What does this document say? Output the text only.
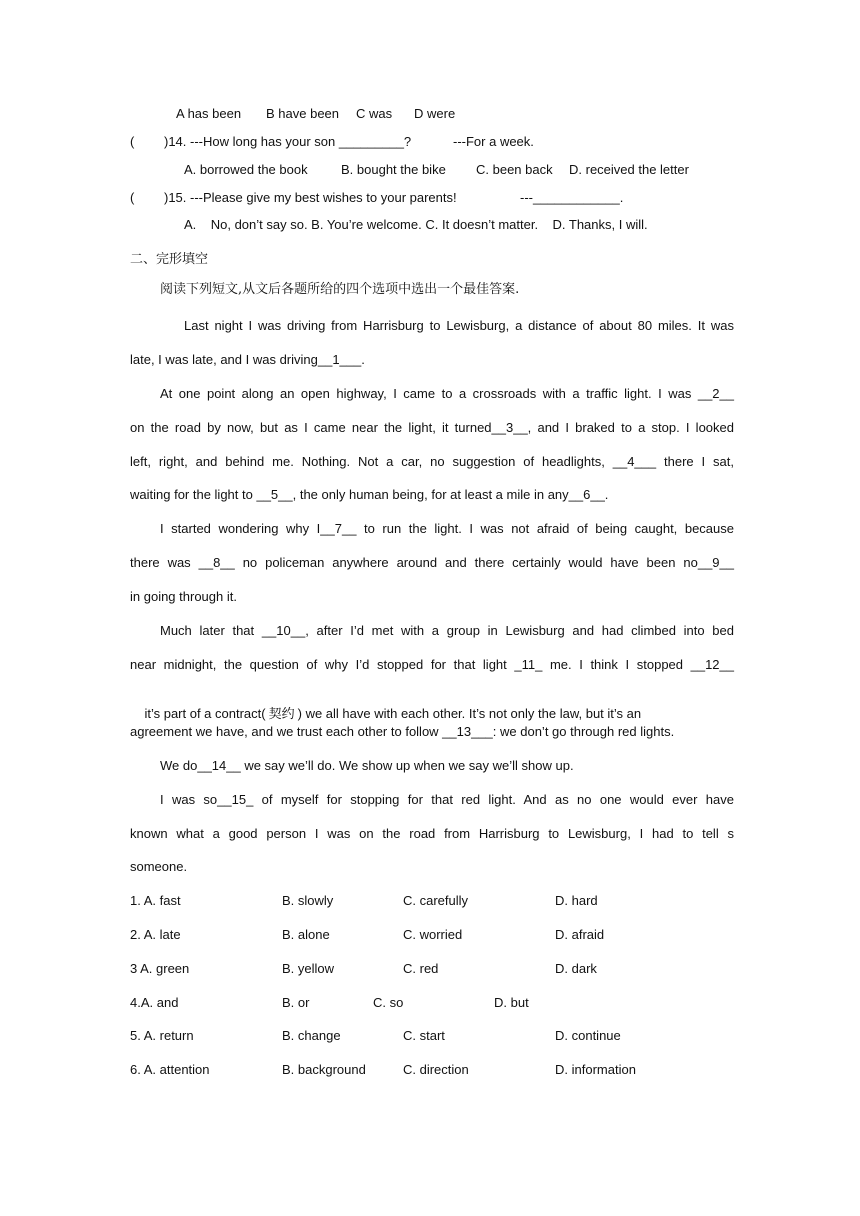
A has been B have been C was D were
( )14. ---How long has your son _________?	---For a week.
A. borrowed the book	B. bought the bike C. been back D. received the letter
( )15. ---Please give my best wishes to your parents!	---____________.
A.    No, don’t say so. B. You’re welcome. C. It doesn’t matter.    D. Thanks, I will.
二、完形填空
阅读下列短文,从文后各题所给的四个选项中选出一个最佳答案.
Last night I was driving from Harrisburg to Lewisburg, a distance of about 80 miles. It was
late, I was late, and I was driving__1___.
At one point along an open highway, I came to a crossroads with a traffic light. I was __2__
on the road by now, but as I came near the light, it turned__3__, and I braked to a stop. I looked
left, right, and behind me. Nothing. Not a car, no suggestion of headlights, __4___ there I sat,
waiting for the light to __5__, the only human being, for at least a mile in any__6__.
I started wondering why I__7__ to run the light. I was not afraid of being caught, because
there was __8__ no policeman anywhere around and there certainly would have been no__9__
in going through it.
Much later that __10__, after I’d met with a group in Lewisburg and had climbed into bed
near midnight, the question of why I’d stopped for that light _11_ me. I think I stopped __12__

it’s part of a contract( 契约 ) we all have with each other. It’s not only the law, but it’s an

agreement we have, and we trust each other to follow __13___: we don’t go through red lights.
We do__14__ we say we’ll do. We show up when we say we’ll show up.
I was so__15_ of myself for stopping for that red light. And as no one would ever have
known what a good person I was on the road from Harrisburg to Lewisburg, I had to tell s
someone.
1. A. fast	B. slowly	C. carefully	D. hard
2. A. late	B. alone	C. worried	D. afraid
3 A. green	B. yellow	C. red	D. dark
4.A. and	B. or	C. so	D. but
5. A. return	B. change	C. start	D. continue
6. A. attention	B. background	C. direction	D. information
